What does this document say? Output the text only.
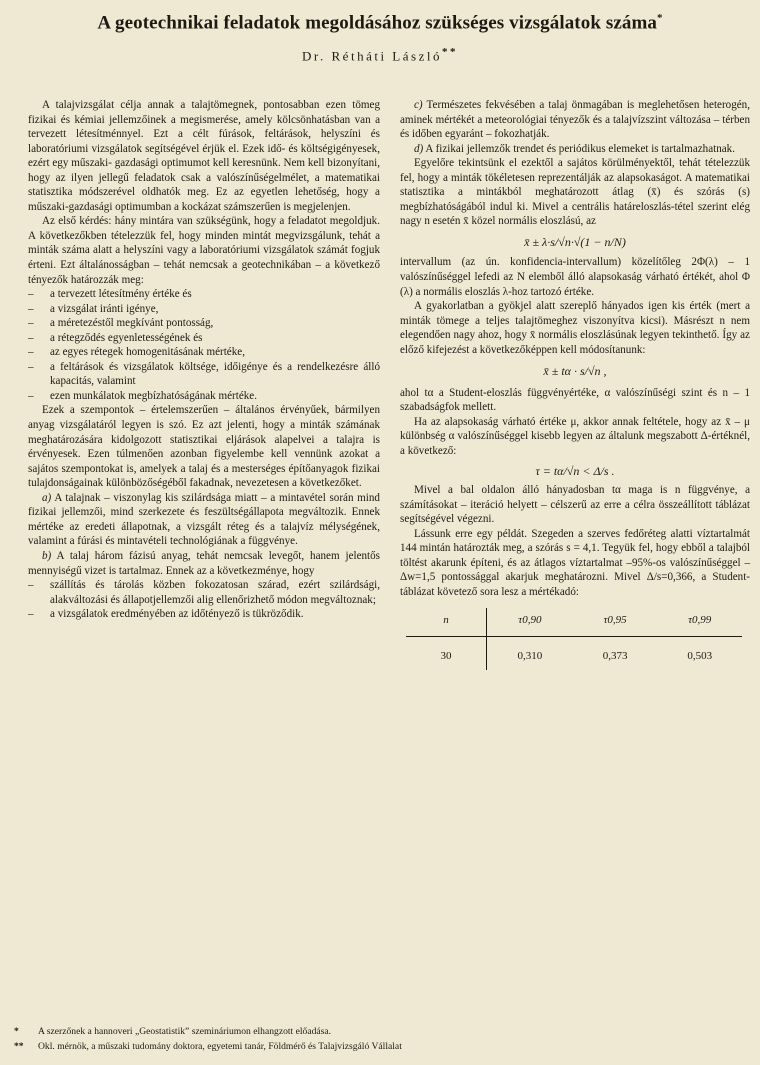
A geotechnikai feladatok megoldásához szükséges vizsgálatok száma*
Dr. Rétháti László**

A talajvizsgálat célja annak a talajtömegnek, pontosabban ezen tömeg fizikai és kémiai jellemzőinek a megismerése, amely kölcsönhatásban van a tervezett létesítménnyel. Ezt a célt fúrások, feltárások, helyszíni és laboratóriumi vizsgálatok segítségével érjük el. Ezek idő- és költségigényesek, ezért egy műszaki- gazdasági optimumot kell keresnünk. Nem kell bizonyítani, hogy az ilyen jellegű feladatok csak a valószínűségelmélet, a matematikai statisztika módszerével oldhatók meg. Ez az egyetlen lehetőség, hogy a műszaki-gazdasági optimumban a kockázat számszerűen is megjelenjen.

Az első kérdés: hány mintára van szükségünk, hogy a feladatot megoldjuk. A következőkben tételezzük fel, hogy minden mintát megvizsgálunk, tehát a minták száma alatt a helyszíni vagy a laboratóriumi vizsgálatok számát fogjuk érteni. Ezt általánosságban – tehát nemcsak a geotechnikában – a következő tényezők határozzák meg:

– a tervezett létesítmény értéke és
– a vizsgálat iránti igénye,
– a méretezéstől megkívánt pontosság,
– a rétegződés egyenletességének és
– az egyes rétegek homogenitásának mértéke,
– a feltárások és vizsgálatok költsége, időigénye és a rendelkezésre álló kapacitás, valamint
– ezen munkálatok megbízhatóságának mértéke.

Ezek a szempontok – értelemszerűen – általános érvényűek, bármilyen anyag vizsgálatáról legyen is szó. Ez azt jelenti, hogy a minták számának meghatározására kidolgozott statisztikai eljárások alapelvei a talajra is érvényesek. Ezen túlmenően azonban figyelembe kell vennünk azokat a sajátos szempontokat is, amelyek a talaj és a mesterséges építőanyagok fizikai tulajdonságainak különbözőségéből fakadnak, nevezetesen a következőket.

a) A talajnak – viszonylag kis szilárdsága miatt – a mintavétel során mind fizikai jellemzői, mind szerkezete és feszültségállapota megváltozik. Ennek mértéke az eredeti állapotnak, a vizsgált réteg és a talajvíz mélységének, valamint a fúrási és mintavételi technológiának a függvénye.

b) A talaj három fázisú anyag, tehát nemcsak levegőt, hanem jelentős mennyiségű vizet is tartalmaz. Ennek az a következménye, hogy

– szállítás és tárolás közben fokozatosan szárad, ezért szilárdsági, alakváltozási és állapotjellemzői alig ellenőrizhető módon megváltoznak;
– a vizsgálatok eredményében az időtényező is tükröződik.

c) Természetes fekvésében a talaj önmagában is meglehetősen heterogén, aminek mértékét a meteorológiai tényezők és a talajvízszint változása – térben és időben egyaránt – fokozhatják.

d) A fizikai jellemzők trendet és periódikus elemeket is tartalmazhatnak.

Egyelőre tekintsünk el ezektől a sajátos körülményektől, tehát tételezzük fel, hogy a minták tökéletesen reprezentálják az alapsokaságot. A matematikai statisztika a mintákból meghatározott átlag (x̄) és szórás (s) megbízhatóságából indul ki. Mivel a centrális határeloszlás-tétel szerint elég nagy n esetén x̄ közel normális eloszlású, az

x̄ ± λ·s/√n·√(1 − n/N)

intervallum (az ún. konfidencia-intervallum) közelítőleg 2Φ(λ) – 1 valószínűséggel lefedi az N elemből álló alapsokaság várható értékét, ahol Φ (λ) a normális eloszlás λ-hoz tartozó értéke.

A gyakorlatban a gyökjel alatt szereplő hányados igen kis érték (mert a minták tömege a teljes talajtömeghez viszonyítva kicsi). Másrészt n nem elegendően nagy ahoz, hogy x̄ normális eloszlásúnak legyen tekinthető. Így az előző kifejezést a következőképpen kell módosítanunk:

x̄ ± tα · s/√n ,

ahol tα a Student-eloszlás függvényértéke, α valószínűségi szint és n – 1 szabadságfok mellett.

Ha az alapsokaság várható értéke μ, akkor annak feltétele, hogy az x̄ – μ különbség α valószínűséggel kisebb legyen az általunk megszabott Δ-értéknél, a következő:

τ = tα/√n < Δ/s .

Mivel a bal oldalon álló hányadosban tα maga is n függvénye, a számításokat – iteráció helyett – célszerű az erre a célra összeállított táblázat segítségével végezni.

Lássunk erre egy példát. Szegeden a szerves fedőréteg alatti víztartalmát 144 mintán határozták meg, a szórás s = 4,1. Tegyük fel, hogy ebből a talajból töltést akarunk építeni, és az átlagos víztartalmat –95%-os valószínűséggel – Δw=1,5 pontossággal akarjuk meghatározni. Mivel Δ/s=0,366, a Student-táblázat követező sora lesz a mértékadó:

n	τ0,90	τ0,95	τ0,99
30	0,310	0,373	0,503
* A szerzőnek a hannoveri „Geostatistik” szemináriumon elhangzott előadása.
** Okl. mérnök, a műszaki tudomány doktora, egyetemi tanár, Földmérő és Talajvizsgáló Vállalat
